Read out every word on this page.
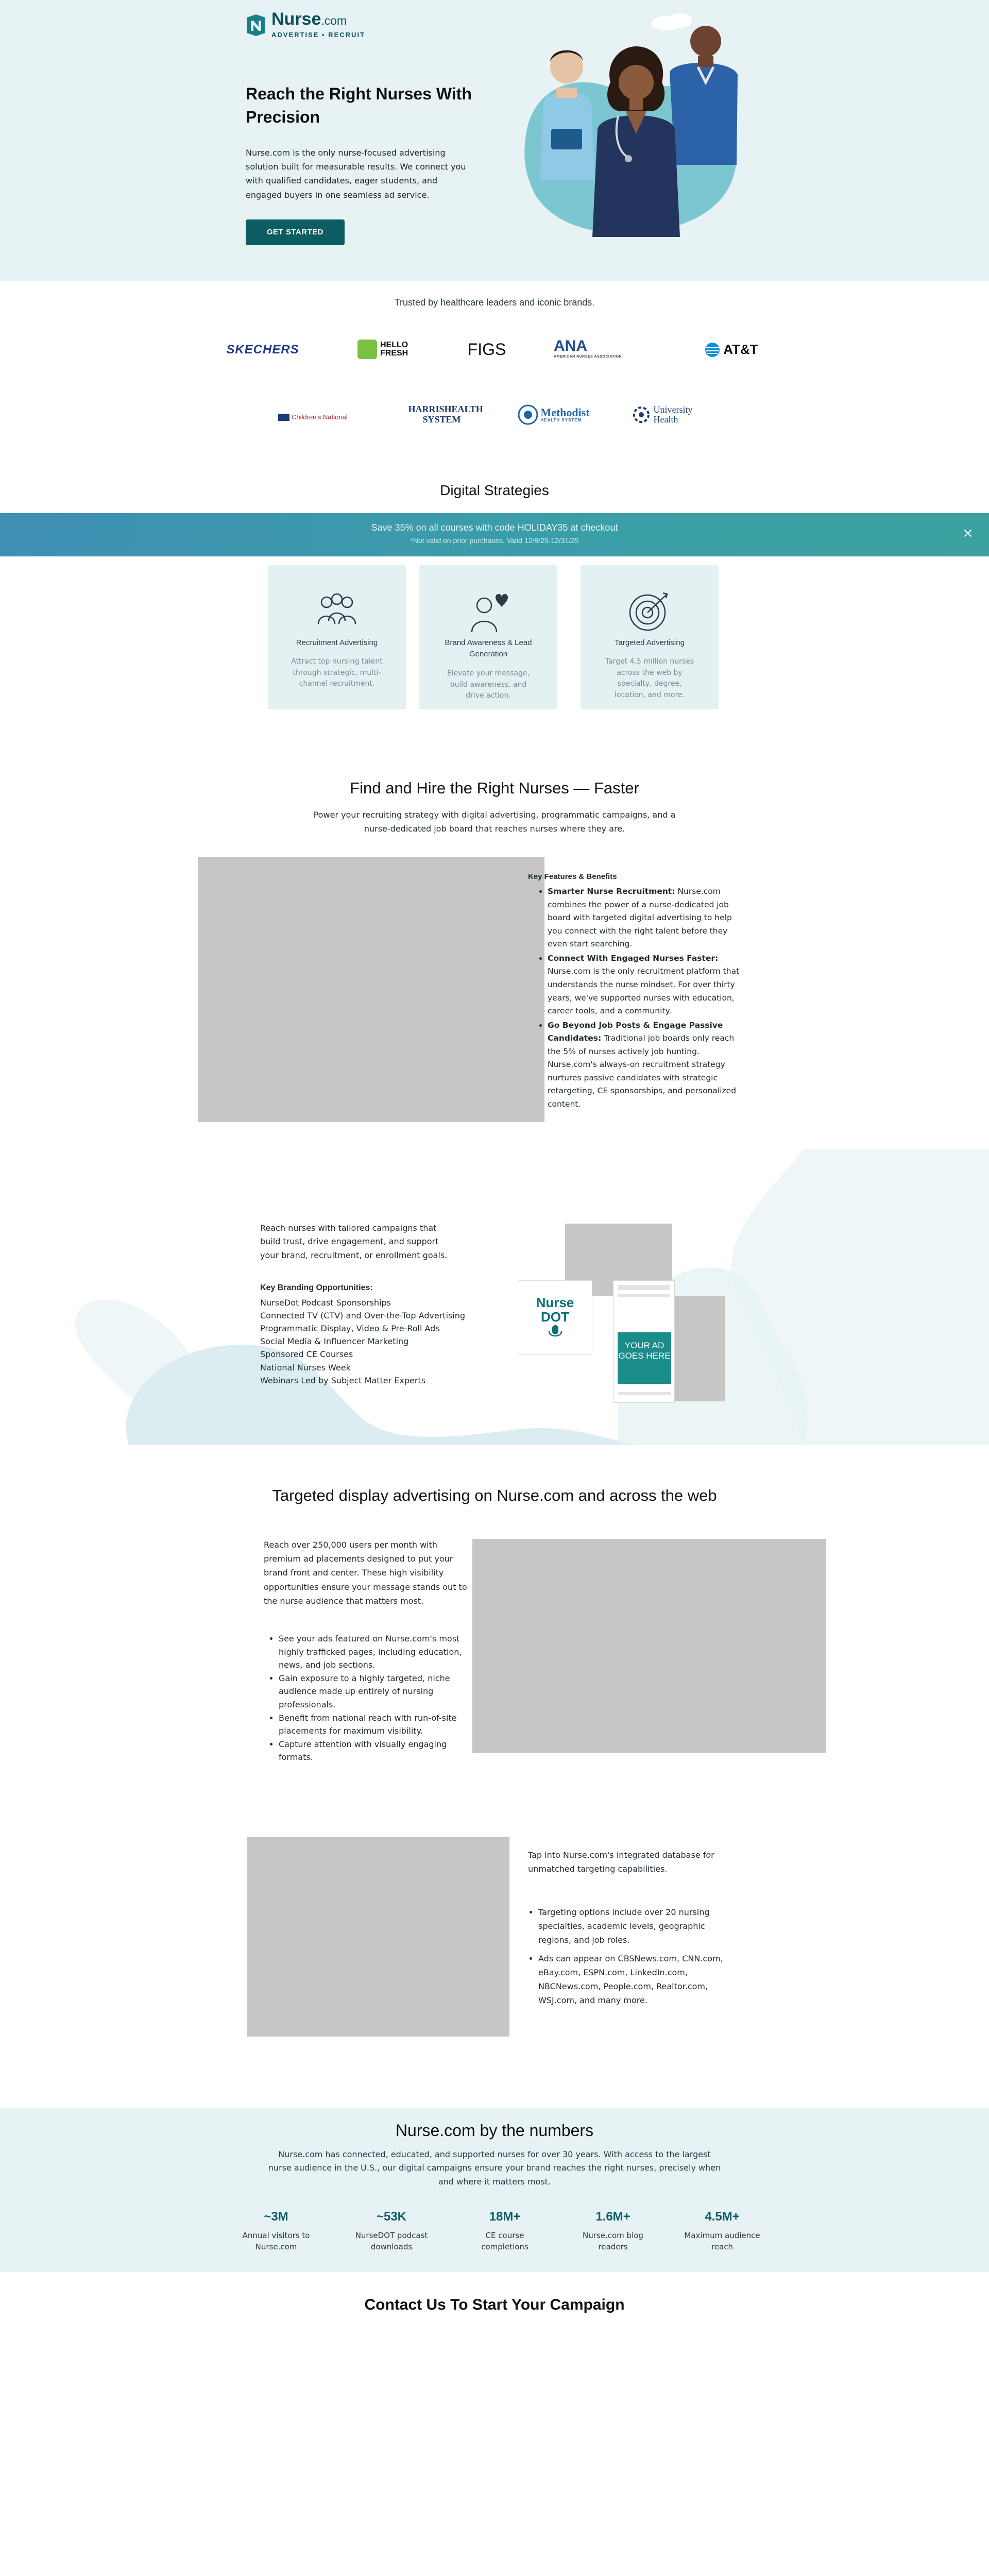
Nurse.com
ADVERTISE • RECRUIT
Reach the Right Nurses With Precision

Nurse.com is the only nurse-focused advertising solution built for measurable results. We connect you with qualified candidates, eager students, and engaged buyers in one seamless ad service.

GET STARTED
Trusted by healthcare leaders and iconic brands.
SKECHERS	HELLO FRESH	FIGS	ANA
AMERICAN NURSES ASSOCIATION	AT&T
Children's National
HARRISHEALTH SYSTEM
Methodist
HEALTH SYSTEM
University Health
Digital Strategies
Save 35% on all courses with code HOLIDAY35 at checkout
*Not valid on prior purchases. Valid 12/8/25-12/31/25	×
Recruitment Advertising
Attract top nursing talent through strategic, multi-channel recruitment.
Brand Awareness & Lead Generation
Elevate your message, build awareness, and drive action.
Targeted Advertising
Target 4.5 million nurses across the web by specialty, degree, location, and more.
Find and Hire the Right Nurses — Faster

Power your recruiting strategy with digital advertising, programmatic campaigns, and a nurse-dedicated job board that reaches nurses where they are.

Key Features & Benefits
• Smarter Nurse Recruitment: Nurse.com combines the power of a nurse-dedicated job board with targeted digital advertising to help you connect with the right talent before they even start searching.
• Connect With Engaged Nurses Faster: Nurse.com is the only recruitment platform that understands the nurse mindset. For over thirty years, we've supported nurses with education, career tools, and a community.
• Go Beyond Job Posts & Engage Passive Candidates: Traditional job boards only reach the 5% of nurses actively job hunting. Nurse.com's always-on recruitment strategy nurtures passive candidates with strategic retargeting, CE sponsorships, and personalized content.

Reach nurses with tailored campaigns that build trust, drive engagement, and support your brand, recruitment, or enrollment goals.

Key Branding Opportunities:
NurseDot Podcast Sponsorships
Connected TV (CTV) and Over-the-Top Advertising
Programmatic Display, Video & Pre-Roll Ads
Social Media & Influencer Marketing
Sponsored CE Courses
National Nurses Week
Webinars Led by Subject Matter Experts
Nurse DOT
YOUR AD GOES HERE
Targeted display advertising on Nurse.com and across the web

Reach over 250,000 users per month with premium ad placements designed to put your brand front and center. These high visibility opportunities ensure your message stands out to the nurse audience that matters most.

• See your ads featured on Nurse.com's most highly trafficked pages, including education, news, and job sections.
• Gain exposure to a highly targeted, niche audience made up entirely of nursing professionals.
• Benefit from national reach with run-of-site placements for maximum visibility.
• Capture attention with visually engaging formats.

Tap into Nurse.com's integrated database for unmatched targeting capabilities.

• Targeting options include over 20 nursing specialties, academic levels, geographic regions, and job roles.
• Ads can appear on CBSNews.com, CNN.com, eBay.com, ESPN.com, LinkedIn.com, NBCNews.com, People.com, Realtor.com, WSJ.com, and many more.
Nurse.com by the numbers

Nurse.com has connected, educated, and supported nurses for over 30 years. With access to the largest nurse audience in the U.S., our digital campaigns ensure your brand reaches the right nurses, precisely when and where it matters most.

~3M
Annual visitors to Nurse.com
~53K
NurseDOT podcast downloads
18M+
CE course completions
1.6M+
Nurse.com blog readers
4.5M+
Maximum audience reach
Contact Us To Start Your Campaign
